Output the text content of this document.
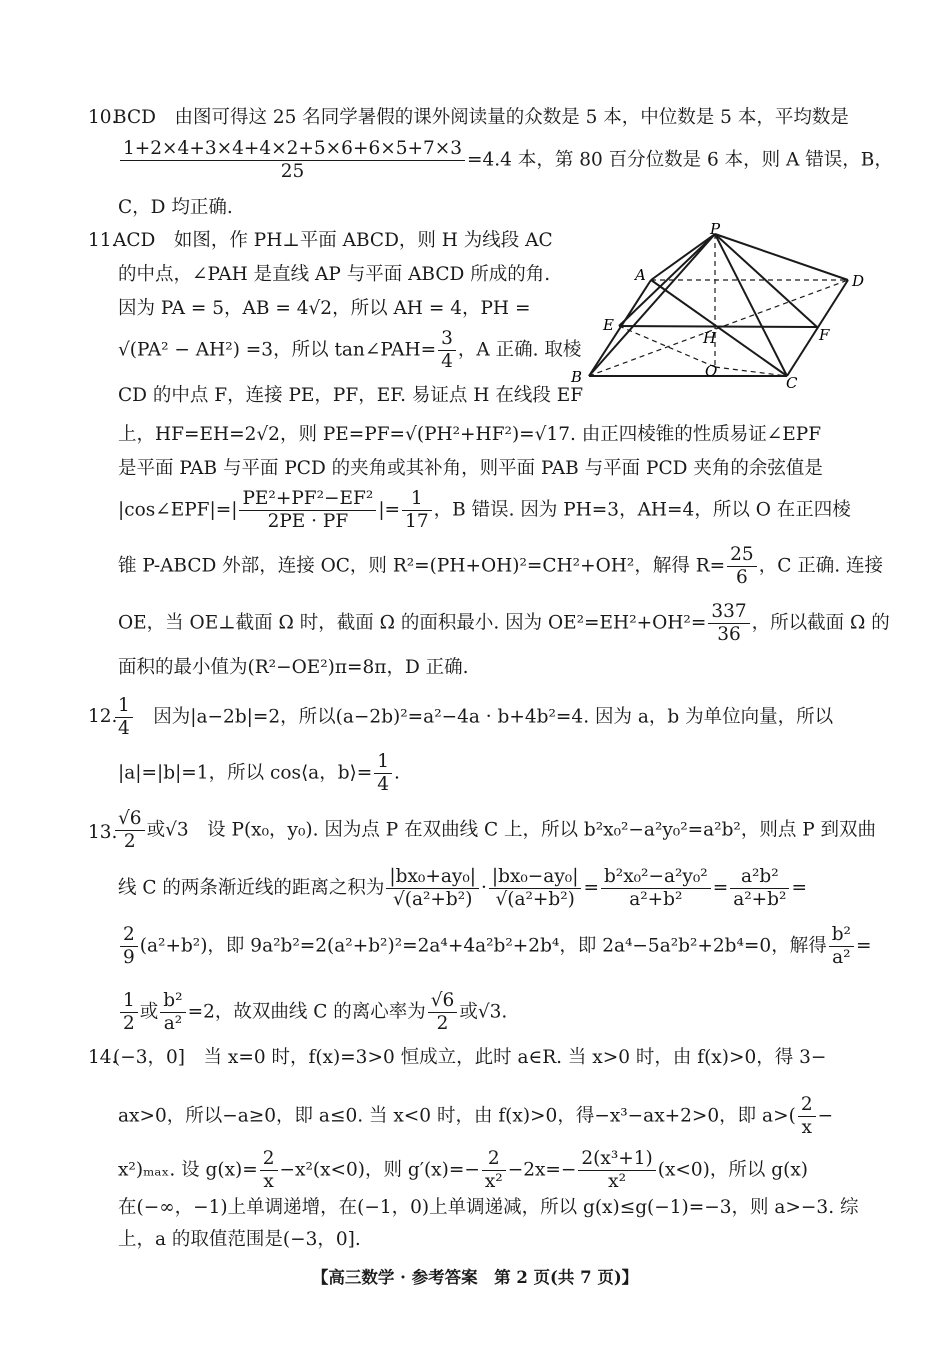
10.
BCD　 由图可得这 25 名同学暑假的课外阅读量的众数是 5 本，中位数是 5 本，平均数是
$\frac{1+2\times 4+3\times 4+4\times 2+5\times 6+6\times 5+7\times 3}{25} =4.4$ 本，第 80 百分位数是 6 本，则 A 错误，B，
C，D 均正确.
11.
ACD　 如图，作 PH⊥平面 ABCD，则 H 为线段 AC
的中点，∠PAH 是直线 AP 与平面 ABCD 所成的角.
因为 PA = 5，AB = 4√2，所以 AH = 4，PH =
√(PA² − AH²) =3，所以 tan∠PAH= $\frac{3}{4}$ ，A 正确. 取棱
CD 的中点 F，连接 PE，PF，EF. 易证点 H 在线段 EF
上，HF=EH=2√2，则 PE=PF=√(PH²+HF²)=√17. 由正四棱锥的性质易证∠EPF
是平面 PAB 与平面 PCD 的夹角或其补角，则平面 PAB 与平面 PCD 夹角的余弦值是
|cos∠EPF|=| $\frac{\text{PE²+PF²−EF²}}{2PE \cdot PF}$ |= $\frac{1}{17}$ ，B 错误. 因为 PH=3，AH=4，所以 O 在正四棱
锥 P-ABCD 外部，连接 OC，则 R²=(PH+OH)²=CH²+OH²，解得 $R= \frac{25}{6}$ ，C 正确. 连接
OE，当 OE⊥截面 Ω 时，截面 Ω 的面积最小. 因为 $OE^2=EH^2+OH^2= \frac{337}{36}$ ，所以截面 Ω 的
面积的最小值为(R²−OE²)π=8π，D 正确.
P
A	D
E
H	F
B	O
C
12.
$\frac{1}{4}$
　 因为|a−2b|=2，所以(a−2b)²=a²−4a · b+4b²=4. 因为 a，b 为单位向量，所以
|a|=|b|=1，所以 cos⟨a，b⟩= $\frac{1}{4}$ .
13.
$\frac{√6}{2}$ 或√3　 设 P(x₀，y₀). 因为点 P 在双曲线 C 上，所以 b²x₀²−a²y₀²=a²b²，则点 P 到双曲
线 C 的两条渐近线的距离之积为 $\frac{\text{|bx₀+ay₀|}}{\text{√(a²+b²)}} \cdot \frac{\text{|bx₀−ay₀|}}{\text{√(a²+b²)}} = \frac{\text{b²x₀²−a²y₀²}}{\text{a²+b²}} = \frac{\text{a²b²}}{\text{a²+b²}}$ =
$\frac{2}{9} (a^2+b^2)$，即 9a²b²=2(a²+b²)²=2a⁴+4a²b²+2b⁴，即 2a⁴−5a²b²+2b⁴=0，解得 $\frac{\text{b²}}{\text{a²}}$ =
$\frac{1}{2}$ 或 $\frac{\text{b²}}{\text{a²}} =2$，故双曲线 C 的离心率为 $\frac{√6}{2}$ 或√3.
14.
(−3，0]　 当 x=0 时，f(x)=3>0 恒成立，此时 a∈R. 当 x>0 时，由 f(x)>0，得 3−
ax>0，所以−a≥0，即 a≤0. 当 x<0 时，由 f(x)>0，得−x³−ax+2>0，即 $a>( \frac{2}{x}$ −
x²)ₘₐₓ. 设 $g(x)= \frac{2}{x} -x^2(x<0)$，则 $g'(x)=- \frac{2}{\text{x²}} -2x=- \frac{\text{2(x³+1)}}{\text{x²}} (x<0)$，所以 g(x)
在(−∞，−1)上单调递增，在(−1，0)上单调递减，所以 g(x)≤g(−1)=−3，则 a>−3. 综
上，a 的取值范围是(−3，0].
【高三数学 · 参考答案　第 2 页(共 7 页)】
